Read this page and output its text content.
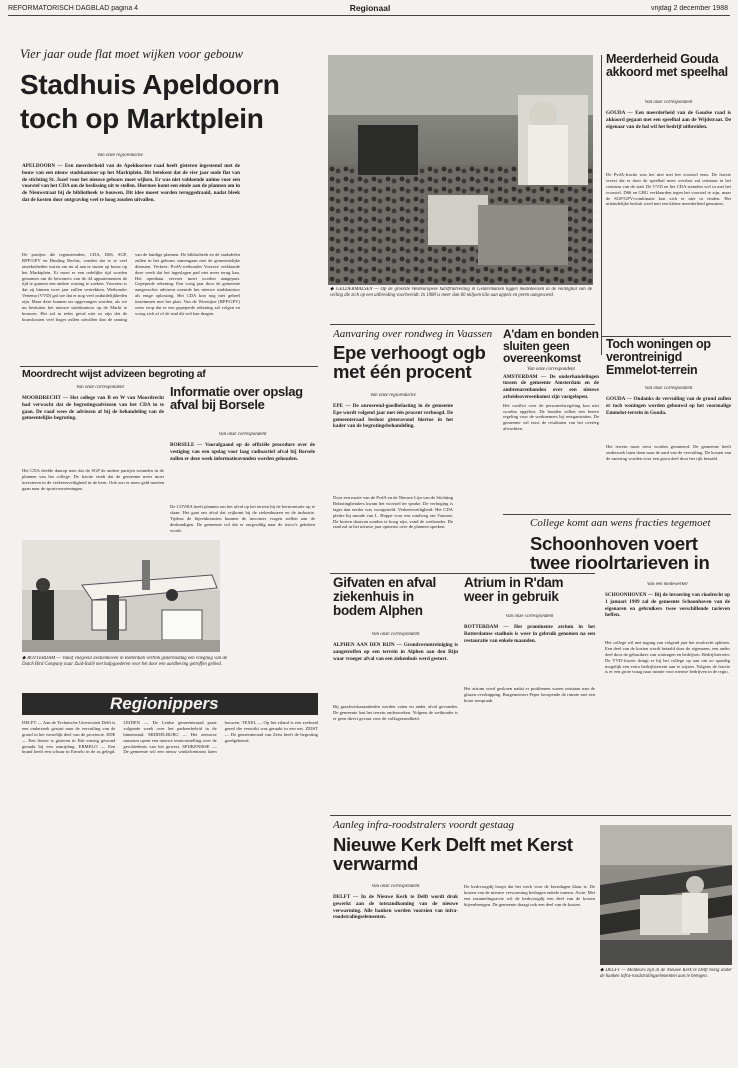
REFORMATORISCH DAGBLAD pagina 4	Regionaal	vrijdag 2 december 1988
Vier jaar oude flat moet wijken voor gebouw
Stadhuis Apeldoorn
toch op Marktplein
Van onze regioredactie
APELDOORN — Een meerderheid van de Apeldoornse raad heeft gisteren ingestemd met de bouw van een nieuw stadskantoor op het Marktplein. Dit betekent dat de vier jaar oude flat van de stichting St. Jozef voor het nieuwe gebouw moet wijken. Er was niet voldoende animo voor een voorstel van het CDA om de beslissing uit te stellen. Hiermee komt een einde aan de plannen om in de Nieuwstraat bij de bibliotheek te bouwen. Dit idee moest worden teruggedraaid, nadat bleek dat de kosten door ontgraving veel te hoog zouden uitvallen.
De partijen die tegenstemden, CDA, D66, SGP, RPF/GPV en Binding Rechts, vonden dat er te veel onzekerheden waren om nu al aan te sturen op bouw op het Marktplein. Er moet er een redelijke tijd worden genomen om de bewoners van de 44 appartementen de tijd te gunnen een andere woning te zoeken. Voorzien is dat zij binnen twee jaar zullen vertrekken. Wethouder Venema (VVD) gaf toe dat er nog veel onduidelijkheden zijn. Maar deze kunnen nu opgevangen worden, als we nu besluiten het nieuwe stadskantoor op de Markt te bouwen. Het zal in ieder geval niet zo zijn dat de bouwkosten veel hoger zullen uitvallen dan de raming van de huidige plannen. De bibliotheek en de stadsdelen zullen in het gebouw samengaan met de gemeentelijke diensten. Verkeer: PvdA-wethouder Voorzee verklaarde deze week dat het ingeslagen pad niet meer terug kan. Het openbaar vervoer moet worden aangepast. Gepeperde rekening: Een vorig jaar door de gemeente aangezochte adviseur noemde het nieuwe stadskantoor als enige oplossing. Het CDA kon nog niet geheel instemmen met het plan. Van de Woestijne (RPF/GPV) wees erop dat er een gepeperde rekening zal volgen en vroeg zich af of de stad dit wel kan dragen.
◆ GELDERMALSEN — Op de grootste Westeuropese hardfruitveiling in Geldermalsen liggen mededeelsen in de veilinghal van de veiling die zich op een uitbreiding voorbereidt. In 1988 is meer dan 60 miljoen kilo aan appels en peren aangevoerd.
Meerderheid Gouda akkoord met speelhal
Van onze correspondent
GOUDA — Een meerderheid van de Goudse raad is akkoord gegaan met een speelhal aan de Wijdstraat. De eigenaar van de hal wil het bedrijf uitbreiden.
De PvdA-fractie was het niet met het voorstel eens. De fractie vreest dat er door de speelhal meer overlast zal ontstaan in het centrum van de stad. De VVD en het CDA stemden wel in met het voorstel. D66 en GBG verklaarden tegen het voorstel te zijn, maar de SGP/GPV-combinatie kon zich er niet in vinden. Het uiteindelijke besluit werd met een kleine meerderheid genomen.
Toch woningen op verontreinigd Emmelot-terrein
Van onze correspondent
GOUDA — Ondanks de vervuiling van de grond zullen er toch woningen worden gebouwd op het voormalige Emmelot-terrein in Gouda.
Het terrein moet eerst worden gesaneerd. De gemeente heeft onderzoek laten doen naar de aard van de vervuiling. De kosten van de sanering worden voor een groot deel door het rijk betaald.
Moordrecht wijst advizeen begroting af
Van onze correspondent
MOORDRECHT — Het college van B en W van Moordrecht had verwacht dat de begrotingsadviezen van het CDA in te gaan. De raad wees de adviezen af bij de behandeling van de gemeentelijke begroting.
Het CDA deelde daarop mee dat de SGP de andere partijen steunden in de plannen van het college. De fractie vindt dat de gemeente meer moet investeren in de verkeersveiligheid in de kern. Ook zou er meer geld moeten gaan naar de sportvoorzieningen.
Informatie over opslag afval bij Borsele
Van onze correspondent
BORSELE — Voorafgaand op de officiële procedure over de vestiging van een opslag voor laag radioactief afval bij Borsele zullen er deze week informatieavonden worden gehouden.
De COVRA heeft plannen om het afval op het terrein bij de kerncentrale op te slaan. Het gaat om afval dat vrijkomt bij de ziekenhuizen en de industrie. Tijdens de bijeenkomsten kunnen de inwoners vragen stellen aan de deskundigen. De gemeente wil dat er zorgvuldig naar de risico's gekeken wordt.
◆ ROTTERDAM — Vanaf vliegveld Zestienhoven in Rotterdam vertrok gistermiddag een vliegtuig van de Dutch Bird Company naar Zuid-Italië met hulpgoederen voor het door een aardbeving getroffen gebied.
Regionippers
DELFT — Aan de Technische Universiteit Delft is een onderzoek gestart naar de vervuiling van de grond in het westelijk deel van de provincie. EDE — Een fietser is gisteren in Ede ernstig gewond geraakt bij een aanrijding. ERMELO — Een brand heeft een schuur in Ermelo in de as gelegd. LEIDEN — De Leidse gemeenteraad praat volgende week over het parkeerbeleid in de binnenstad. MIDDELBURG — Het zeeuwse museum opent een nieuwe tentoonstelling over de geschiedenis van het gewest. SPIJKENISSE — De gemeente wil een nieuw winkelcentrum laten bouwen. TEXEL — Op het eiland is een zeehond gered die verstrikt was geraakt in een net. ZEIST — De gemeenteraad van Zeist heeft de begroting goedgekeurd.
Aanvaring over rondweg in Vaassen
Epe verhoogt ogb met één procent
Van onze regioredactie
EPE — De onroerend-goedbelasting in de gemeente Epe wordt volgend jaar met één procent verhoogd. De gemeenteraad besloot gisteravond hiertoe in het kader van de begrotingsbehandeling.
Door een motie van de PvdA en de Nieuwe Lijn van de Stichting Belastingbetalers kwam het voorstel ter sprake. De verhoging is lager dan eerder was voorgesteld. Verkeersveiligheid: Het CDA pleitte bij monde van L. Hoppe voor een rondweg om Vaassen. De kosten daarvan zouden te hoog zijn, vond de wethouder. De raad zal in het nieuwe jaar opnieuw over de plannen spreken.
Gifvaten en afval ziekenhuis in bodem Alphen
Van onze correspondent
ALPHEN AAN DEN RIJN — Grondverontreiniging is aangetroffen op een terrein in Alphen aan den Rijn waar vroeger afval van een ziekenhuis werd gestort.
Bij graafwerkzaamheden werden vaten en ander afval gevonden. De gemeente laat het terrein onderzoeken. Volgens de wethouder is er geen direct gevaar voor de volksgezondheid.
Atrium in R'dam weer in gebruik
Van onze correspondent
ROTTERDAM — Het prominente atrium in het Rotterdamse stadhuis is weer in gebruik genomen na een restauratie van enkele maanden.
Het atrium werd gesloten nadat er problemen waren ontstaan met de glazen overkapping. Burgemeester Peper heropende de ruimte met een korte toespraak.
College komt aan wens fracties tegemoet
Schoonhoven voert twee rioolrtarieven in
Van een medewerker
SCHOONHOVEN — Bij de invoering van rioolrecht op 1 januari 1989 zal de gemeente Schoonhoven van de eigenaren en gebruikers twee verschillende tarieven heffen.
Het college wil met ingang van volgend jaar het rioolrecht splitsen. Een deel van de kosten wordt betaald door de eigenaren, een ander deel door de gebruikers van woningen en bedrijven. Bedrijfsterrein: De VVD-fractie dringt er bij het college op aan om zo spoedig mogelijk een extra bedrijfsterrein aan te wijzen. Volgens de fractie is er een grote vraag naar ruimte voor nieuwe bedrijven in de regio.
Aanleg infra-roodstralers voordt gestaag
Nieuwe Kerk Delft met Kerst verwarmd
Van onze correspondent
DELFT — In de Nieuwe Kerk te Delft wordt druk gewerkt aan de totstandkoming van de nieuwe verwarming. Alle banken worden voorzien van infra-roodstralingselementen.
De kerkvoogdij hoopt dat het werk voor de kerstdagen klaar is. De kosten van de nieuwe verwarming bedragen enkele tonnen. Actie: Met een inzamelingsactie wil de kerkvoogdij een deel van de kosten bijeenbrengen. De gemeente draagt ook een deel van de kosten.
◆ DELFT — Monteurs zijn in de Nieuwe Kerk te Delft bezig onder de banken infra-roodstralingselementen aan te brengen.
A'dam en bonden sluiten geen overeenkomst
Van onze correspondent
AMSTERDAM — De onderhandelingen tussen de gemeente Amsterdam en de ambtenarenbonden over een nieuwe arbeidsovereenkomst zijn vastgelopen.
Het conflict over de personeelsregeling kon niet worden opgelost. De bonden willen een betere regeling voor de werknemers bij reorganisaties. De gemeente wil eerst de resultaten van het overleg afwachten.
